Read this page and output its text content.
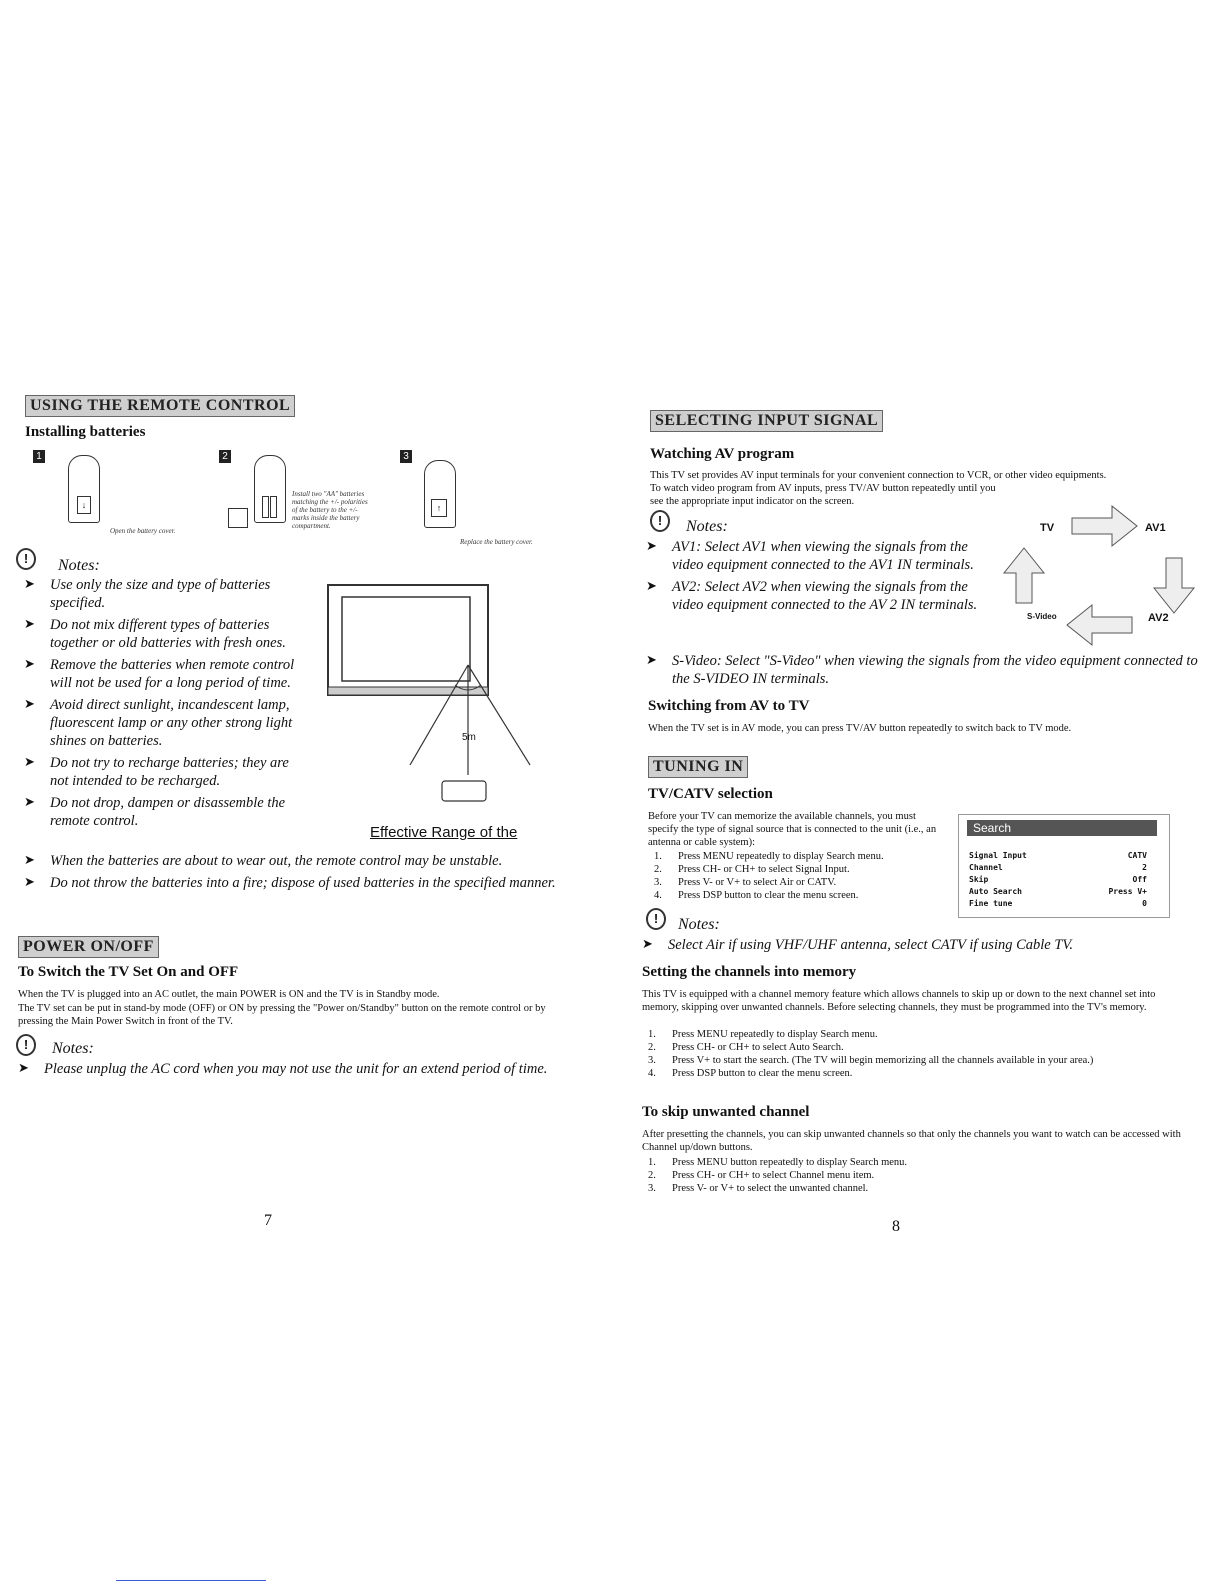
USING THE REMOTE CONTROL
Installing batteries
1
↓
Open the battery cover.
2
Install two "AA" batteries matching the +/- polarities of the battery to the +/- marks inside the battery compartment.
3
↑
Replace the battery cover.
!	Notes:
➤ Use only the size and type of batteries specified.
➤ Do not mix different types of batteries together or old batteries with fresh ones.
➤ Remove the batteries when remote control will not be used for a long period of time.
➤ Avoid direct sunlight, incandescent lamp, fluorescent lamp or any other strong light shines on batteries.
➤ Do not try to recharge batteries; they are not intended to be recharged.
➤ Do not drop, dampen or disassemble the remote control.
➤ When the batteries are about to wear out, the remote control may be unstable.
➤ Do not throw the batteries into a fire; dispose of used batteries in the specified manner.
5m
Effective Range of the
POWER ON/OFF
To Switch the TV Set On and OFF
When the TV is plugged into an AC outlet, the main POWER is ON and the TV is in Standby mode.
The TV set can be put in stand-by mode (OFF) or ON by pressing the "Power on/Standby" button on the remote control or by pressing the Main Power Switch in front of the TV.
!	Notes:
➤ Please unplug the AC cord when you may not use the unit for an extend period of time.
7
SELECTING INPUT SIGNAL
Watching AV program
This TV set provides AV input terminals for your convenient connection to VCR, or other video equipments.
To watch video program from AV inputs, press TV/AV button repeatedly until you see the appropriate input indicator on the screen.
!	Notes:
➤ AV1: Select AV1 when viewing the signals from the video equipment connected to the AV1 IN terminals.
➤ AV2: Select AV2 when viewing the signals from the video equipment connected to the AV 2 IN terminals.
➤ S-Video: Select "S-Video" when viewing the signals from the video equipment connected to the S-VIDEO IN terminals.
TV	AV1
AV2
S-Video
Switching from AV to TV
When the TV set is in AV mode, you can press TV/AV button repeatedly to switch back to TV mode.
TUNING IN
TV/CATV selection
Before your TV can memorize the available channels, you must specify the type of signal source that is connected to the unit (i.e., an antenna or cable system):
1. Press MENU repeatedly to display Search menu.
2. Press CH- or CH+ to select Signal Input.
3. Press V- or V+ to select Air or CATV.
4. Press DSP button to clear the menu screen.
Search
Signal Input	CATV
Channel	2
Skip	Off
Auto Search	Press V+
Fine tune	0
!	Notes:
➤ Select Air if using VHF/UHF antenna, select CATV if using Cable TV.
Setting the channels into memory
This TV is equipped with a channel memory feature which allows channels to skip up or down to the next channel set into memory, skipping over unwanted channels. Before selecting channels, they must be programmed into the TV's memory.
1. Press MENU repeatedly to display Search menu.
2. Press CH- or CH+ to select Auto Search.
3. Press V+ to start the search. (The TV will begin memorizing all the channels available in your area.)
4. Press DSP button to clear the menu screen.
To skip unwanted channel
After presetting the channels, you can skip unwanted channels so that only the channels you want to watch can be accessed with Channel up/down buttons.
1. Press MENU button repeatedly to display Search menu.
2. Press CH- or CH+ to select Channel menu item.
3. Press V- or V+ to select the unwanted channel.
8
